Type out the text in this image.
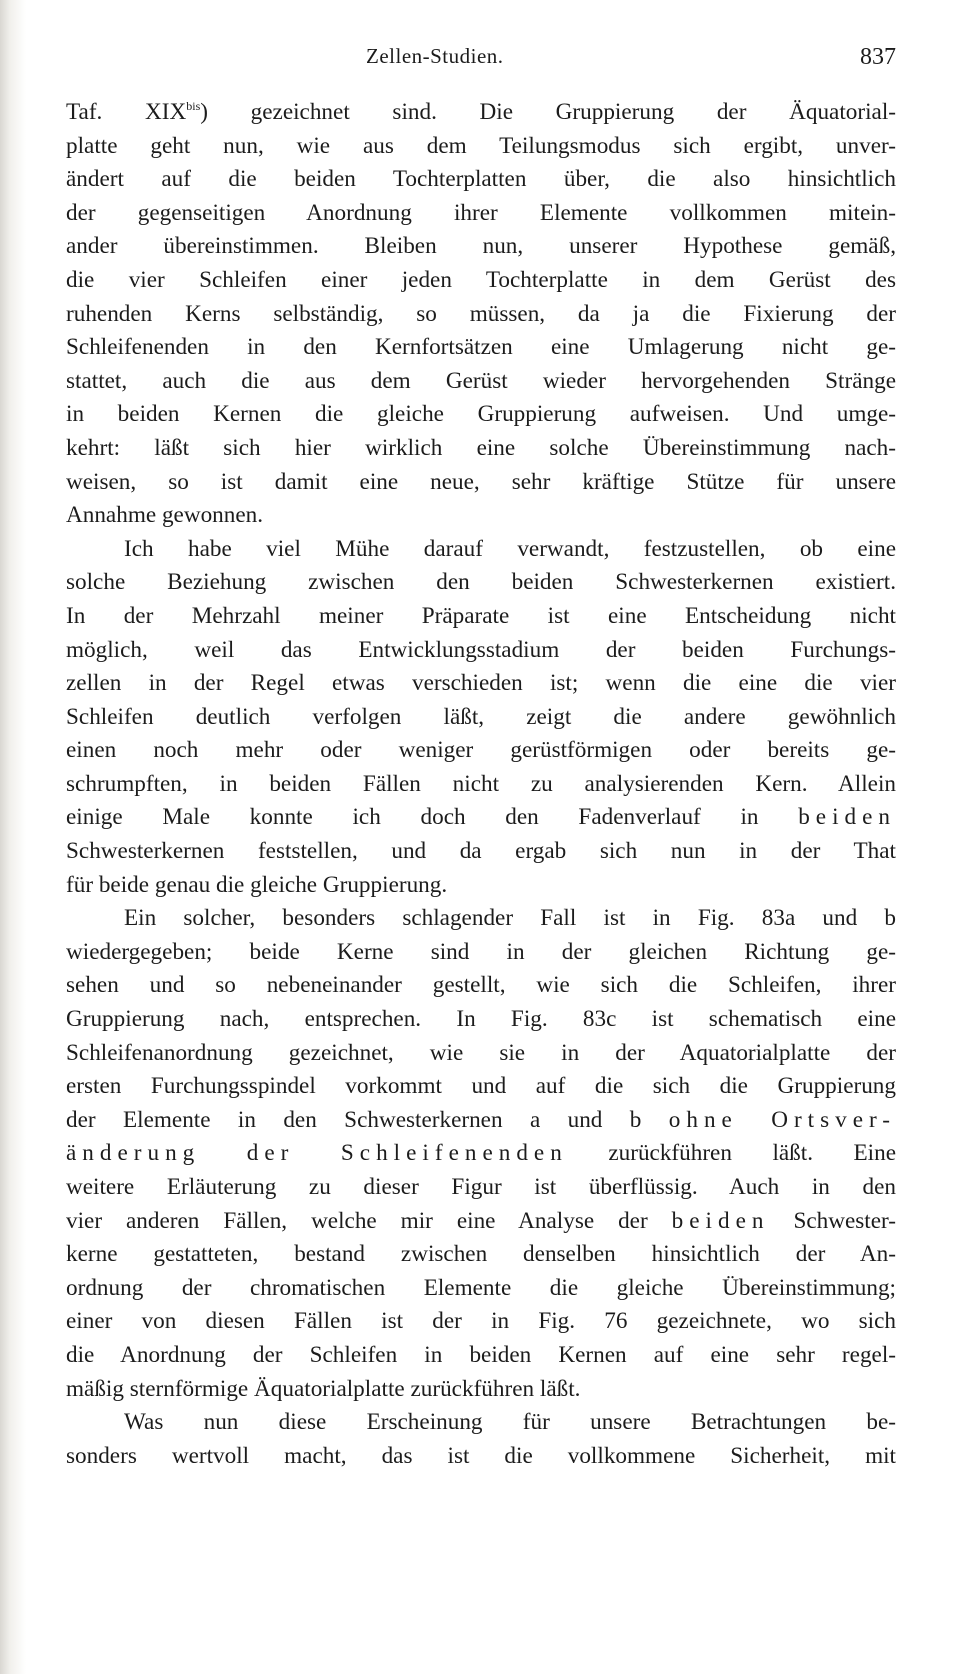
Zellen-Studien.	837
Taf. $XIX^{bis}$) gezeichnet sind. Die Gruppierung der Äquatorial-
platte geht nun, wie aus dem Teilungsmodus sich ergibt, unver-
ändert auf die beiden Tochterplatten über, die also hinsichtlich
der gegenseitigen Anordnung ihrer Elemente vollkommen mitein-
ander übereinstimmen. Bleiben nun, unserer Hypothese gemäß,
die vier Schleifen einer jeden Tochterplatte in dem Gerüst des
ruhenden Kerns selbständig, so müssen, da ja die Fixierung der
Schleifenenden in den Kernfortsätzen eine Umlagerung nicht ge-
stattet, auch die aus dem Gerüst wieder hervorgehenden Stränge
in beiden Kernen die gleiche Gruppierung aufweisen. Und umge-
kehrt: läßt sich hier wirklich eine solche Übereinstimmung nach-
weisen, so ist damit eine neue, sehr kräftige Stütze für unsere
Annahme gewonnen.
Ich habe viel Mühe darauf verwandt, festzustellen, ob eine
solche Beziehung zwischen den beiden Schwesterkernen existiert.
In der Mehrzahl meiner Präparate ist eine Entscheidung nicht
möglich, weil das Entwicklungsstadium der beiden Furchungs-
zellen in der Regel etwas verschieden ist; wenn die eine die vier
Schleifen deutlich verfolgen läßt, zeigt die andere gewöhnlich
einen noch mehr oder weniger gerüstförmigen oder bereits ge-
schrumpften, in beiden Fällen nicht zu analysierenden Kern. Allein
einige Male konnte ich doch den Fadenverlauf in beiden
Schwesterkernen feststellen, und da ergab sich nun in der That
für beide genau die gleiche Gruppierung.
Ein solcher, besonders schlagender Fall ist in Fig. 83a und b
wiedergegeben; beide Kerne sind in der gleichen Richtung ge-
sehen und so nebeneinander gestellt, wie sich die Schleifen, ihrer
Gruppierung nach, entsprechen. In Fig. 83c ist schematisch eine
Schleifenanordnung gezeichnet, wie sie in der Aquatorialplatte der
ersten Furchungsspindel vorkommt und auf die sich die Gruppierung
der Elemente in den Schwesterkernen a und b ohne Ortsver-
änderung der Schleifenenden zurückführen läßt. Eine
weitere Erläuterung zu dieser Figur ist überflüssig. Auch in den
vier anderen Fällen, welche mir eine Analyse der beiden Schwester-
kerne gestatteten, bestand zwischen denselben hinsichtlich der An-
ordnung der chromatischen Elemente die gleiche Übereinstimmung;
einer von diesen Fällen ist der in Fig. 76 gezeichnete, wo sich
die Anordnung der Schleifen in beiden Kernen auf eine sehr regel-
mäßig sternförmige Äquatorialplatte zurückführen läßt.
Was nun diese Erscheinung für unsere Betrachtungen be-
sonders wertvoll macht, das ist die vollkommene Sicherheit, mit
